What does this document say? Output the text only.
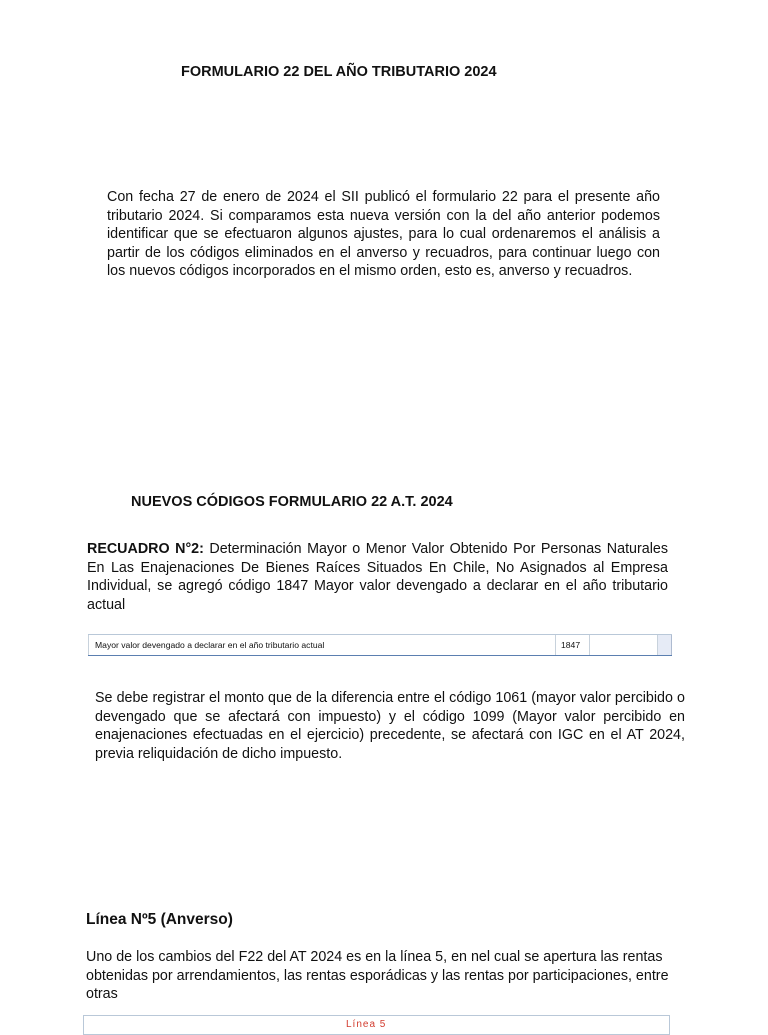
FORMULARIO 22 DEL AÑO TRIBUTARIO 2024

Con fecha 27 de enero de 2024 el SII publicó el formulario 22 para el presente año tributario 2024. Si comparamos esta nueva versión con la del año anterior podemos identificar que se efectuaron algunos ajustes, para lo cual ordenaremos el análisis a partir de los códigos eliminados en el anverso y recuadros, para continuar luego con los nuevos códigos incorporados en el mismo orden, esto es, anverso y recuadros.

NUEVOS CÓDIGOS FORMULARIO 22 A.T. 2024

RECUADRO N°2: Determinación Mayor o Menor Valor Obtenido Por Personas Naturales En Las Enajenaciones De Bienes Raíces Situados En Chile, No Asignados al Empresa Individual, se agregó código 1847 Mayor valor devengado a declarar en el año tributario actual

Mayor valor devengado a declarar en el año tributario actual	1847

Se debe registrar el monto que de la diferencia entre el código 1061 (mayor valor percibido o devengado que se afectará con impuesto) y el código 1099 (Mayor valor percibido en enajenaciones efectuadas en el ejercicio) precedente, se afectará con IGC en el AT 2024, previa reliquidación de dicho impuesto.

Línea Nº5 (Anverso)

Uno de los cambios del F22 del AT 2024 es en la línea 5, en nel cual se apertura las rentas obtenidas por arrendamientos, las rentas esporádicas y las rentas por participaciones, entre otras

Línea 5
